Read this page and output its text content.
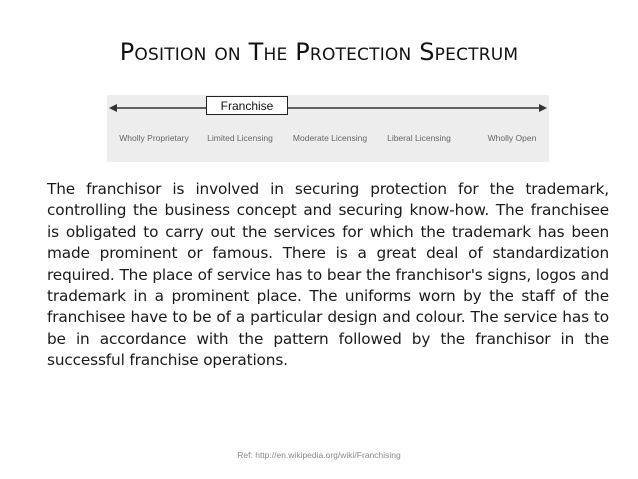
Position on The Protection Spectrum
Franchise
Wholly Proprietary	Limited Licensing	Moderate Licensing	Liberal Licensing	Wholly Open
The franchisor is involved in securing protection for the trademark, controlling the business concept and securing know-how. The franchisee is obligated to carry out the services for which the trademark has been made prominent or famous. There is a great deal of standardization required. The place of service has to bear the franchisor's signs, logos and trademark in a prominent place. The uniforms worn by the staff of the franchisee have to be of a particular design and colour. The service has to be in accordance with the pattern followed by the franchisor in the successful franchise operations.
Ref: http://en.wikipedia.org/wiki/Franchising
